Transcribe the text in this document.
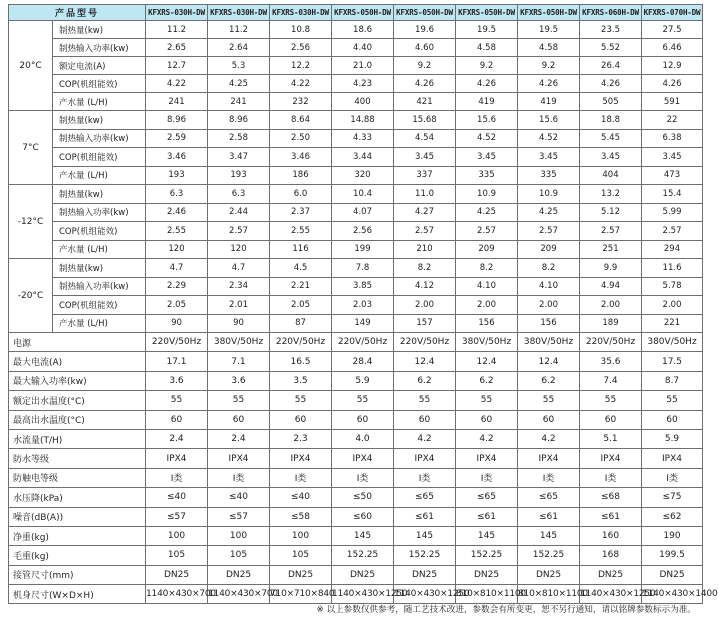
产品型号		KFXRS-030H-DW	KFXRS-030H-DW	KFXRS-030H-DW	KFXRS-050H-DW	KFXRS-050H-DW	KFXRS-050H-DW	KFXRS-050H-DW	KFXRS-060H-DW	KFXRS-070H-DW
20°C	制热量(kw)	11.2	11.2	10.8	18.6	19.6	19.5	19.5	23.5	27.5
	制热输入功率(kw)	2.65	2.64	2.56	4.40	4.60	4.58	4.58	5.52	6.46
	额定电流(A)	12.7	5.3	12.2	21.0	9.2	9.2	9.2	26.4	12.9
	COP(机组能效)	4.22	4.25	4.22	4.23	4.26	4.26	4.26	4.26	4.26
	产水量 (L/H)	241	241	232	400	421	419	419	505	591
7°C	制热量(kw)	8.96	8.96	8.64	14.88	15.68	15.6	15.6	18.8	22
	制热输入功率(kw)	2.59	2.58	2.50	4.33	4.54	4.52	4.52	5.45	6.38
	COP(机组能效)	3.46	3.47	3.46	3.44	3.45	3.45	3.45	3.45	3.45
	产水量 (L/H)	193	193	186	320	337	335	335	404	473
-12°C	制热量(kw)	6.3	6.3	6.0	10.4	11.0	10.9	10.9	13.2	15.4
	制热输入功率(kw)	2.46	2.44	2.37	4.07	4.27	4.25	4.25	5.12	5.99
	COP(机组能效)	2.55	2.57	2.55	2.56	2.57	2.57	2.57	2.57	2.57
	产水量 (L/H)	120	120	116	199	210	209	209	251	294
-20°C	制热量(kw)	4.7	4.7	4.5	7.8	8.2	8.2	8.2	9.9	11.6
	制热输入功率(kw)	2.29	2.34	2.21	3.85	4.12	4.10	4.10	4.94	5.78
	COP(机组能效)	2.05	2.01	2.05	2.03	2.00	2.00	2.00	2.00	2.00
	产水量 (L/H)	90	90	87	149	157	156	156	189	221
电源		220V/50Hz	380V/50Hz	220V/50Hz	220V/50Hz	220V/50Hz	380V/50Hz	380V/50Hz	220V/50Hz	380V/50Hz
最大电流(A)		17.1	7.1	16.5	28.4	12.4	12.4	12.4	35.6	17.5
最大输入功率(kw)		3.6	3.6	3.5	5.9	6.2	6.2	6.2	7.4	8.7
额定出水温度(°C)		55	55	55	55	55	55	55	55	55
最高出水温度(°C)		60	60	60	60	60	60	60	60	60
水流量(T/H)		2.4	2.4	2.3	4.0	4.2	4.2	4.2	5.1	5.9
防水等级		IPX4	IPX4	IPX4	IPX4	IPX4	IPX4	IPX4	IPX4	IPX4
防触电等级		I类	I类	I类	I类	I类	I类	I类	I类	I类
水压降(kPa)		≤40	≤40	≤40	≤50	≤65	≤65	≤65	≤68	≤75
噪音(dB(A))		≤57	≤57	≤58	≤60	≤61	≤61	≤61	≤61	≤62
净重(kg)		100	100	100	145	145	145	145	160	190
毛重(kg)		105	105	105	152.25	152.25	152.25	152.25	168	199.5
接管尺寸(mm)		DN25	DN25	DN25	DN25	DN25	DN25	DN25	DN25	DN25
机身尺寸(W×D×H)		1140×430×700	1140×430×700	710×710×840	1140×430×1250	1140×430×1250	810×810×1100	810×810×1100	1140×430×1250	1140×430×1400
※ 以上参数仅供参考，随工艺技术改进，参数会有所变更，恕不另行通知，请以铭牌参数标示为准。
